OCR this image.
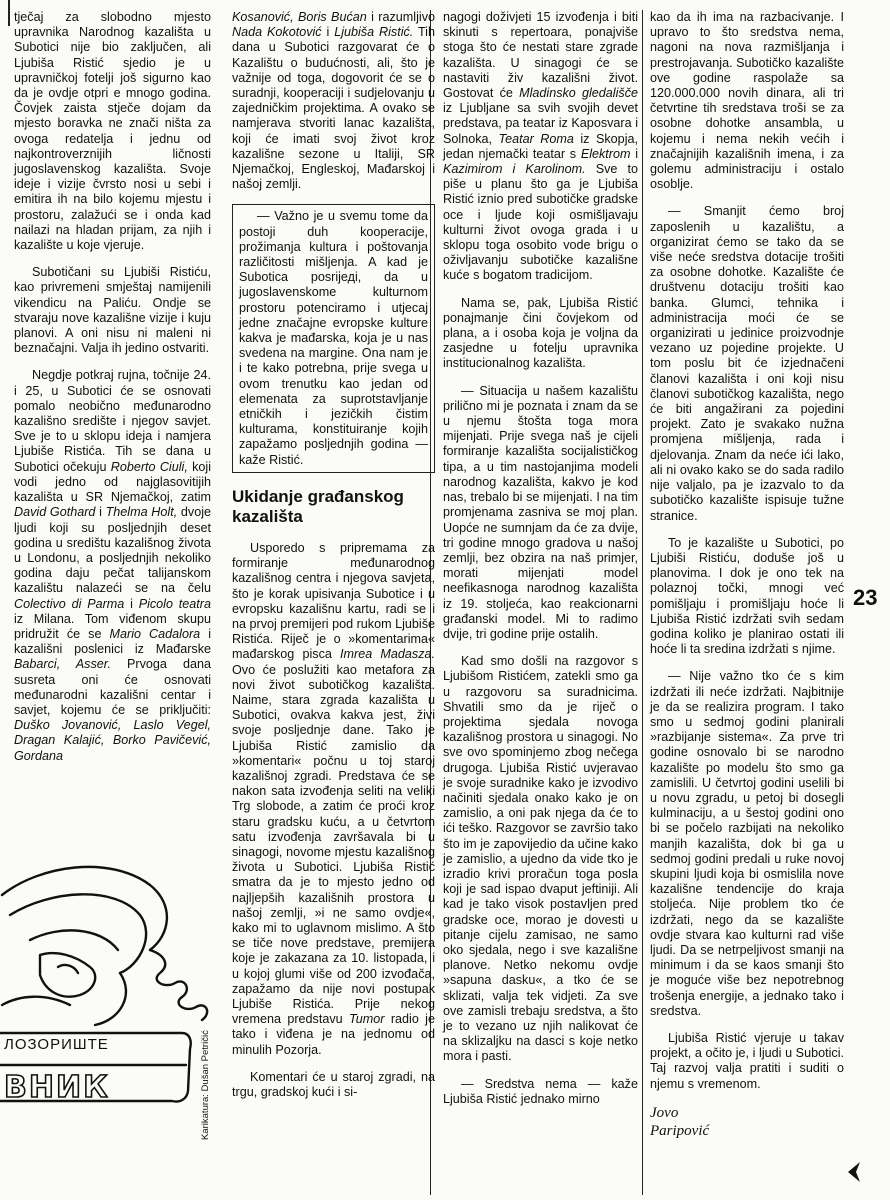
tječaj za slobodno mjesto upravnika Narodnog kazališta u Subotici nije bio zaključen, ali Ljubiša Ristić sjedio je u upravničkoj fotelji još sigurno kao da je ovdje otpri e mnogo godina. Čovjek zaista stječe dojam da mjesto boravka ne znači ništa za ovoga redatelja i jednu od najkontroverznijih ličnosti jugoslavenskog kazališta. Svoje ideje i vizije čvrsto nosi u sebi i emitira ih na bilo kojemu mjestu i prostoru, zalažući se i onda kad nailazi na hladan prijam, za njih i kazalište u koje vjeruje.

Subotičani su Ljubiši Ristiću, kao privremeni smještaj namijenili vikendicu na Paliću. Ondje se stvaraju nove kazališne vizije i kuju planovi. A oni nisu ni maleni ni beznačajni. Valja ih jedino ostvariti.

Negdje potkraj rujna, točnije 24. i 25, u Subotici će se osnovati pomalo neobično međunarodno kazališno središte i njegov savjet. Sve je to u sklopu ideja i namjera Ljubiše Ristića. Tih se dana u Subotici očekuju Roberto Ciuli, koji vodi jedno od najglasovitijih kazališta u SR Njemačkoj, zatim David Gothard i Thelma Holt, dvoje ljudi koji su posljednjih deset godina u središtu kazališnog života u Londonu, a posljednjih nekoliko godina daju pečat talijanskom kazalištu nalazeći se na čelu Colectivo di Parma i Picolo teatra iz Milana. Tom viđenom skupu pridružit će se Mario Cadalora i kazališni poslenici iz Mađarske Babarci, Asser. Prvoga dana susreta oni će osnovati međunarodni kazališni centar i savjet, kojemu će se priključiti: Duško Jovanović, Laslo Vegel, Dragan Kalajić, Borko Pavičević, Gordana

Kosanović, Boris Bućan i razumljivo Nada Kokotović i Ljubiša Ristić. Tih dana u Subotici razgovarat će o Kazalištu o budućnosti, ali, što je važnije od toga, dogovorit će se o suradnji, kooperaciji i sudjelovanju u zajedničkim projektima. A ovako se namjerava stvoriti lanac kazališta, koji će imati svoj život kroz kazališne sezone u Italiji, SR Njemačkoj, Engleskoj, Mađarskoj i našoj zemlji.

— Važno je u svemu tome da postoji duh kooperacije, prožimanja kultura i poštovanja različitosti mišljenja. A kad je Subotica posriједi, da u jugoslavenskome kulturnom prostoru potenciramo i utjecaj jedne značajne evropske kulture kakva je mađarska, koja je u nas svedena na margine. Ona nam je i te kako potrebna, prije svega u ovom trenutku kao jedan od elemenata za suprotstavljanje etničkih i jezičkih čistim kulturama, konstituiranje kojih zapažamo posljednjih godina — kaže Ristić.

Ukidanje građanskog kazališta

Usporedo s pripremama za formiranje međunarodnog kazališnog centra i njegova savjeta, što je korak upisivanja Subotice i u evropsku kazališnu kartu, radi se i na prvoj premijeri pod rukom Ljubiše Ristića. Riječ je o »komentarima« mađarskog pisca Imrea Madasza. Ovo će poslužiti kao metafora za novi život subotičkog kazališta. Naime, stara zgrada kazališta u Subotici, ovakva kakva jest, živi svoje posljednje dane. Tako je Ljubiša Ristić zamislio da »komentari« počnu u toj staroj kazališnoj zgradi. Predstava će se nakon sata izvođenja seliti na veliki Trg slobode, a zatim će proći kroz staru gradsku kuću, a u četvrtom satu izvođenja završavala bi u sinagogi, novome mjestu kazališnog života u Subotici. Ljubiša Ristić smatra da je to mjesto jedno od najljepših kazališnih prostora u našoj zemlji, »i ne samo ovdje«, kako mi to uglavnom mislimo. A što se tiče nove predstave, premijera koje je zakazana za 10. listopada, i u kojoj glumi više od 200 izvođača, zapažamo da nije novi postupak Ljubiše Ristića. Prije nekog vremena predstavu Tumor radio je tako i viđena je na jednomu od minulih Pozorja.

Komentari će u staroj zgradi, na trgu, gradskoj kući i si-

nagogi doživjeti 15 izvođenja i biti skinuti s repertoara, ponajviše stoga što će nestati stare zgrade kazališta. U sinagogi će se nastaviti živ kazališni život. Gostovat će Mladinsko gledališče iz Ljubljane sa svih svojih devet predstava, pa teatar iz Kaposvara i Solnoka, Teatar Roma iz Skopja, jedan njemački teatar s Elektrom i Kazimirom i Karolinom. Sve to piše u planu što ga je Ljubiša Ristić iznio pred subotičke gradske oce i ljude koji osmišljavaju kulturni život ovoga grada i u sklopu toga osobito vode brigu o oživljavanju subotičke kazališne kuće s bogatom tradicijom.

Nama se, pak, Ljubiša Ristić ponajmanje čini čovjekom od plana, a i osoba koja je voljna da zasjedne u fotelju upravnika institucionalnog kazališta.

— Situacija u našem kazalištu prilično mi je poznata i znam da se u njemu štošta toga mora mijenjati. Prije svega naš je cijeli formiranje kazališta socijalističkog tipa, a u tim nastojanjima modeli narodnog kazališta, kakvo je kod nas, trebalo bi se mijenjati. I na tim promjenama zasniva se moj plan. Uopće ne sumnjam da će za dvije, tri godine mnogo gradova u našoj zemlji, bez obzira na naš primjer, morati mijenjati model neefikasnoga narodnog kazališta iz 19. stoljeća, kao reakcionarni građanski model. Mi to radimo dvije, tri godine prije ostalih.

Kad smo došli na razgovor s Ljubišom Ristićem, zatekli smo ga u razgovoru sa suradnicima. Shvatili smo da je riječ o projektima sjedala novoga kazališnog prostora u sinagogi. No sve ovo spominjemo zbog nečega drugoga. Ljubiša Ristić uvjeravao je svoje suradnike kako je izvodivo načiniti sjedala onako kako je on zamislio, a oni pak njega da će to ići teško. Razgovor se završio tako što im je zapovijedio da učine kako je zamislio, a ujedno da vide tko je izradio krivi proračun toga posla koji je sad ispao dvaput jeftiniji. Ali kad je tako visok postavljen pred gradske oce, morao je dovesti u pitanje cijelu zamisao, ne samo oko sjedala, nego i sve kazališne planove. Netko nekomu ovdje »sapuna dasku«, a tko će se sklizati, valja tek vidjeti. Za sve ove zamisli trebaju sredstva, a što je to vezano uz njih nalikovat će na sklizaljku na dasci s koje netko mora i pasti.

— Sredstva nema — kaže Ljubiša Ristić jednako mirno

kao da ih ima na razbacivanje. I upravo to što sredstva nema, nagoni na nova razmišljanja i prestrojavanja. Subotičko kazalište ove godine raspolaže sa 120.000.000 novih dinara, ali tri četvrtine tih sredstava troši se za osobne dohotke ansambla, u kojemu i nema nekih većih i značajnijih kazališnih imena, i za golemu administraciju i ostalo osoblje.

— Smanjit ćemo broj zaposlenih u kazalištu, a organizirat ćemo se tako da se više neće sredstva dotacije trošiti za osobne dohotke. Kazalište će društvenu dotaciju trošiti kao banka. Glumci, tehnika i administracija moći će se organizirati u jedinice proizvodnje vezano uz pojedine projekte. U tom poslu bit će izjednačeni članovi kazališta i oni koji nisu članovi subotičkog kazališta, nego će biti angažirani za pojedini projekt. Zato je svakako nužna promjena mišljenja, rada i djelovanja. Znam da neće ići lako, ali ni ovako kako se do sada radilo nije valjalo, pa je izazvalo to da subotičko kazalište ispisuje tužne stranice.

To je kazalište u Subotici, po Ljubiši Ristiću, doduše još u planovima. I dok je ono tek na polaznoj točki, mnogi već pomišljaju i promišljaju hoće li Ljubiša Ristić izdržati svih sedam godina koliko je planirao ostati ili hoće li ta sredina izdržati s njime.

— Nije važno tko će s kim izdržati ili neće izdržati. Najbitnije je da se realizira program. I tako smo u sedmoj godini planirali »razbijanje sistema«. Za prve tri godine osnovalo bi se narodno kazalište po modelu što smo ga zamislili. U četvrtoj godini uselili bi u novu zgradu, u petoj bi dosegli kulminaciju, a u šestoj godini ono bi se počelo razbijati na nekoliko manjih kazališta, dok bi ga u sedmoj godini predali u ruke novoj skupini ljudi koja bi osmislila nove kazališne tendencije do kraja stoljeća. Nije problem tko će izdržati, nego da se kazalište ovdje stvara kao kulturni rad više ljudi. Da se netrpeljivost smanji na minimum i da se kaos smanji što je moguće više bez nepotrebnog trošenja energije, a jednako tako i sredstva.

Ljubiša Ristić vjeruje u takav projekt, a očito je, i ljudi u Subotici. Taj razvoj valja pratiti i suditi o njemu s vremenom.

Jovo
Paripović
23
ЛОЗОРИШТЕ
ВНИК	Karikatura: Dušan Petričić
